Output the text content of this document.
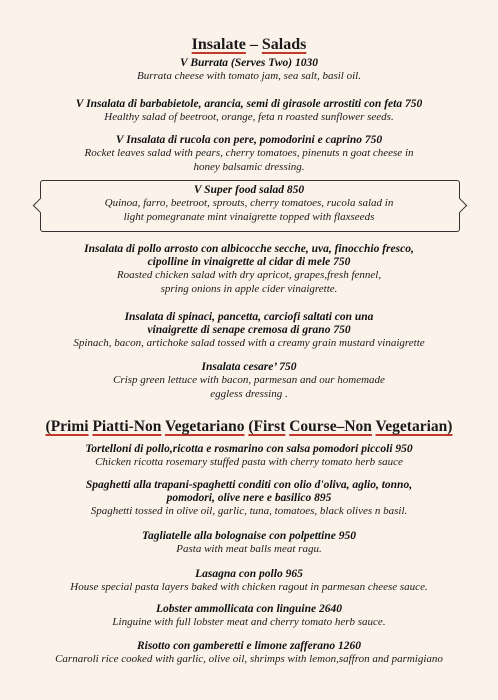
Insalate – Salads
V Burrata (Serves Two) 1030
Burrata cheese with tomato jam, sea salt, basil oil.
V Insalata di barbabietole, arancia, semi di girasole arrostiti con feta 750
Healthy salad of beetroot, orange, feta n roasted sunflower seeds.
V Insalata di rucola con pere, pomodorini e caprino 750
Rocket leaves salad with pears, cherry tomatoes, pinenuts n goat cheese in
honey balsamic dressing.
V Super food salad 850
Quinoa, farro, beetroot, sprouts, cherry tomatoes, rucola salad in
light pomegranate mint vinaigrette topped with flaxseeds
Insalata di pollo arrosto con albicocche secche, uva, finocchio fresco,
cipolline in vinaigrette al cidar di mele 750
Roasted chicken salad with dry apricot, grapes,fresh fennel,
spring onions in apple cider vinaigrette.
Insalata di spinaci, pancetta, carciofi saltati con una
vinaigrette di senape cremosa di grano 750
Spinach, bacon, artichoke salad tossed with a creamy grain mustard vinaigrette
Insalata cesare’ 750
Crisp green lettuce with bacon, parmesan and our homemade
eggless dressing .
(Primi Piatti-Non Vegetariano (First Course–Non Vegetarian)
Tortelloni di pollo,ricotta e rosmarino con salsa pomodori piccoli 950
Chicken ricotta rosemary stuffed pasta with cherry tomato herb sauce
Spaghetti alla trapani-spaghetti conditi con olio d'oliva, aglio, tonno,
pomodori, olive nere e basilico 895
Spaghetti tossed in olive oil, garlic, tuna, tomatoes, black olives n basil.
Tagliatelle alla bolognaise con polpettine 950
Pasta with meat balls meat ragu.
Lasagna con pollo 965
House special pasta layers baked with chicken ragout in parmesan cheese sauce.
Lobster ammollicata con linguine 2640
Linguine with full lobster meat and cherry tomato herb sauce.
Risotto con gamberetti e limone zafferano 1260
Carnaroli rice cooked with garlic, olive oil, shrimps with lemon,saffron and parmigiano
